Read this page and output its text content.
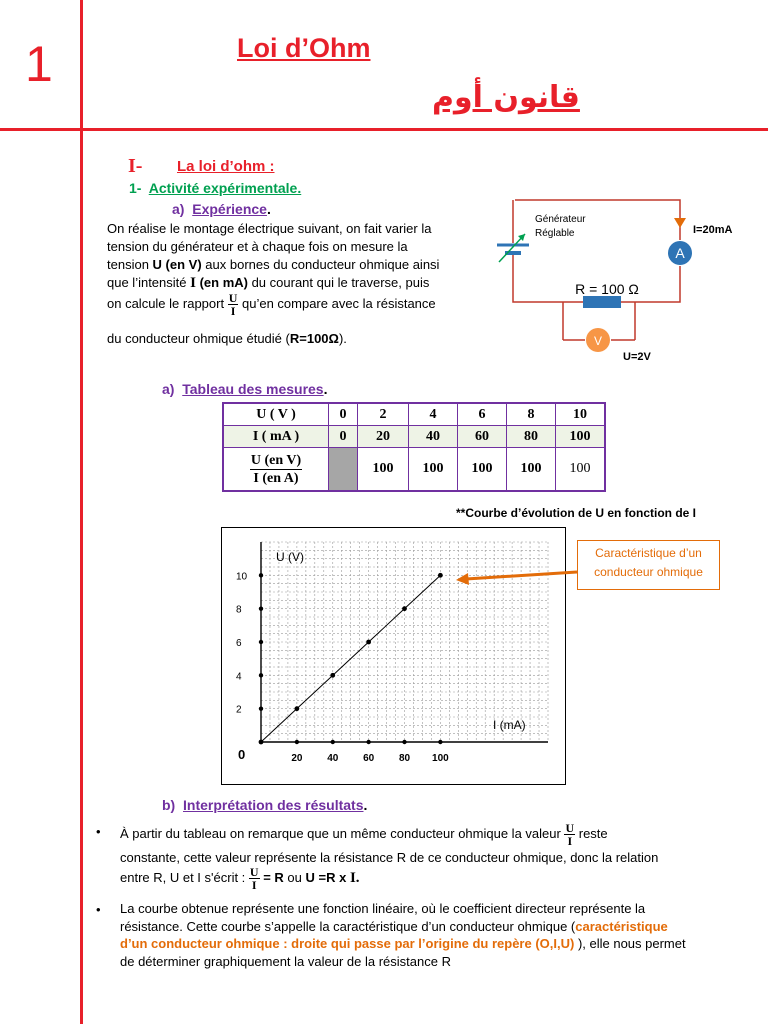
1	Loi d’Ohm
قانون أوم
I- La loi d’ohm :
1- Activité expérimentale.
a) Expérience.
On réalise le montage électrique suivant, on fait varier la
tension du générateur et à chaque fois on mesure la
tension U (en V) aux bornes du conducteur ohmique ainsi
que l’intensité I (en mA) du courant qui le traverse, puis
on calcule le rapport $\frac{U}{I}$ qu’en compare avec la résistance
du conducteur ohmique étudié (R=100Ω).
A
R = 100 Ω
V
Générateur
Réglable	I=20mA
U=2V
a) Tableau des mesures.
U ( V )	0	2	4	6	8	10
I ( mA )	0	20	40	60	80	100

$\frac{\text{U (en V)}}{\text{I (en A)}}$		100	100	100	100	100
**Courbe d’évolution de U en fonction de I
20 40 60 80 100
2
4
6
8
10
U (V)
I (mA)
0
Caractéristique d’un
conducteur ohmique
b) Interprétation des résultats.
• À partir du tableau on remarque que un même conducteur ohmique la valeur $\frac{U}{I}$ reste
constante, cette valeur représente la résistance R de ce conducteur ohmique, donc la relation
entre R, U et I s'écrit : $\frac{U}{I} = R$ ou U =R x I.
• La courbe obtenue représente une fonction linéaire, où le coefficient directeur représente la
résistance. Cette courbe s’appelle la caractéristique d’un conducteur ohmique (caractéristique
d’un conducteur ohmique : droite qui passe par l’origine du repère (O,I,U) ), elle nous permet
de déterminer graphiquement la valeur de la résistance R
